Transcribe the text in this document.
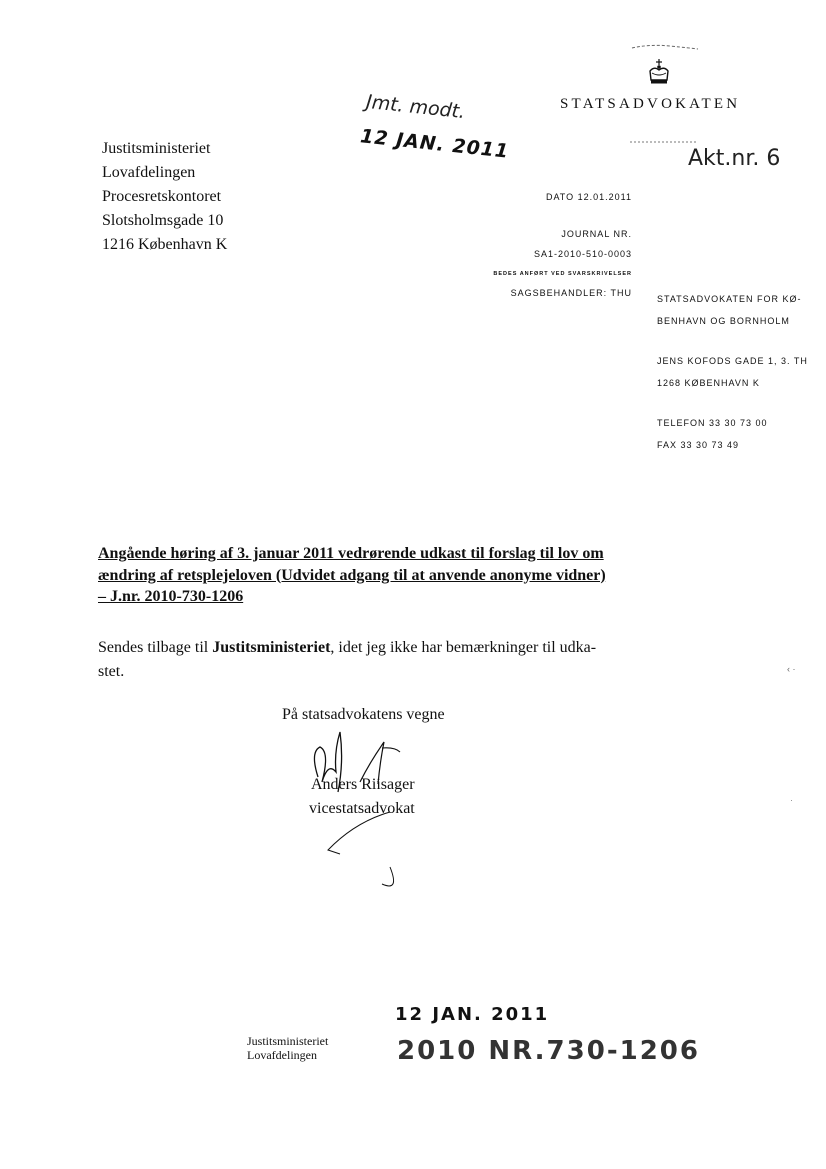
STATSADVOKATEN
Jmt. modt.
12 JAN. 2011	Akt.nr. 6
Justitsministeriet
Lovafdelingen
Procesretskontoret
Slotsholmsgade 10
1216 København K
DATO 12.01.2011
JOURNAL NR.
SA1-2010-510-0003
BEDES ANFØRT VED SVARSKRIVELSER
SAGSBEHANDLER: THU
STATSADVOKATEN FOR KØ-
BENHAVN OG BORNHOLM
JENS KOFODS GADE 1, 3. TH
1268 KØBENHAVN K
TELEFON 33 30 73 00
FAX 33 30 73 49
Angående høring af 3. januar 2011 vedrørende udkast til forslag til lov om
ændring af retsplejeloven (Udvidet adgang til at anvende anonyme vidner)
– J.nr. 2010-730-1206
Sendes tilbage til Justitsministeriet, idet jeg ikke har bemærkninger til udka-
stet.
På statsadvokatens vegne
Anders Riisager
vicestatsadvokat
12 JAN. 2011
Justitsministeriet
Lovafdelingen	2010 NR.730-1206
‹ ·
·
